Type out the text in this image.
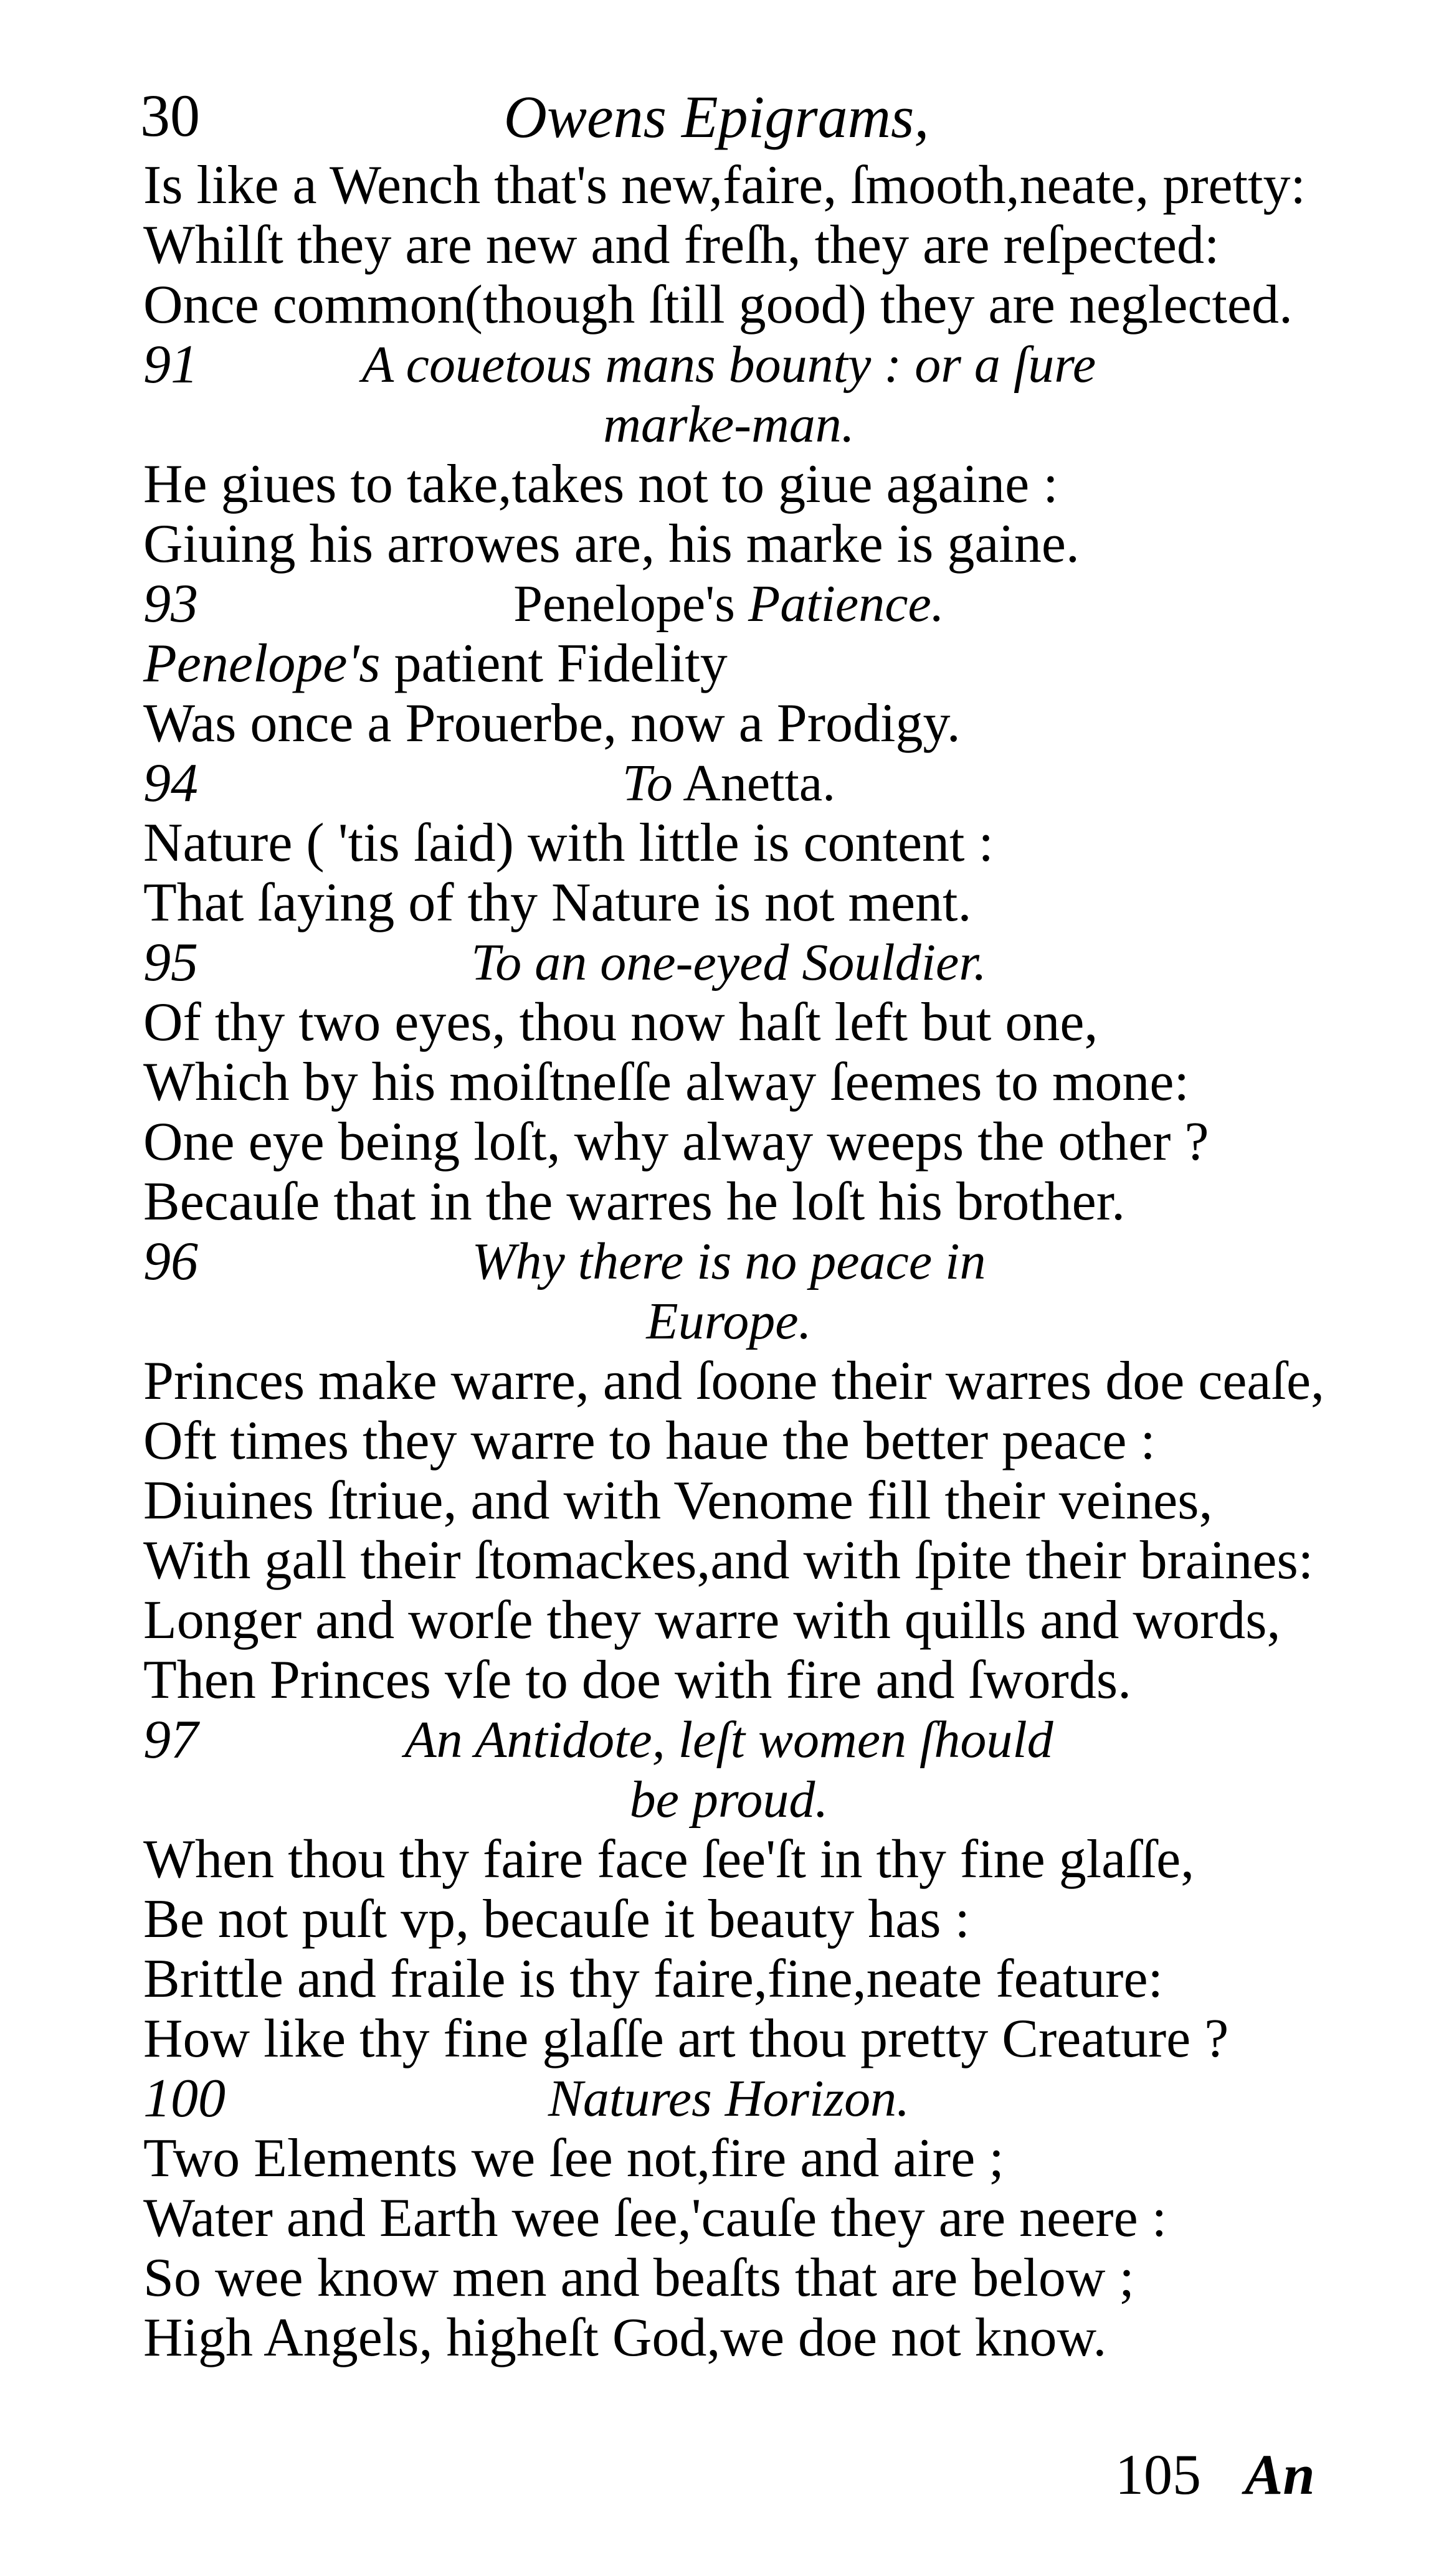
30	Owens Epigrams,
Is like a Wench that's new,faire, ſmooth,neate, pretty:
Whilſt they are new and freſh, they are reſpected:
Once common(though ſtill good) they are neglected.
91	A couetous mans bounty : or a ſure
marke-man.
He giues to take,takes not to giue againe :
Giuing his arrowes are, his marke is gaine.
93	Penelope's Patience.
Penelope's patient Fidelity
Was once a Prouerbe, now a Prodigy.
94	To Anetta.
Nature ( 'tis ſaid) with little is content :
That ſaying of thy Nature is not ment.
95	To an one-eyed Souldier.
Of thy two eyes, thou now haſt left but one,
Which by his moiſtneſſe alway ſeemes to mone:
One eye being loſt, why alway weeps the other ?
Becauſe that in the warres he loſt his brother.
96	Why there is no peace in
Europe.
Princes make warre, and ſoone their warres doe ceaſe,
Oft times they warre to haue the better peace :
Diuines ſtriue, and with Venome fill their veines,
With gall their ſtomackes,and with ſpite their braines:
Longer and worſe they warre with quills and words,
Then Princes vſe to doe with fire and ſwords.
97	An Antidote, leſt women ſhould
be proud.
When thou thy faire face ſee'ſt in thy fine glaſſe,
Be not puſt vp, becauſe it beauty has :
Brittle and fraile is thy faire,fine,neate feature:
How like thy fine glaſſe art thou pretty Creature ?
100	Natures Horizon.
Two Elements we ſee not,fire and aire ;
Water and Earth wee ſee,'cauſe they are neere :
So wee know men and beaſts that are below ;
High Angels, higheſt God,we doe not know.
105 An
